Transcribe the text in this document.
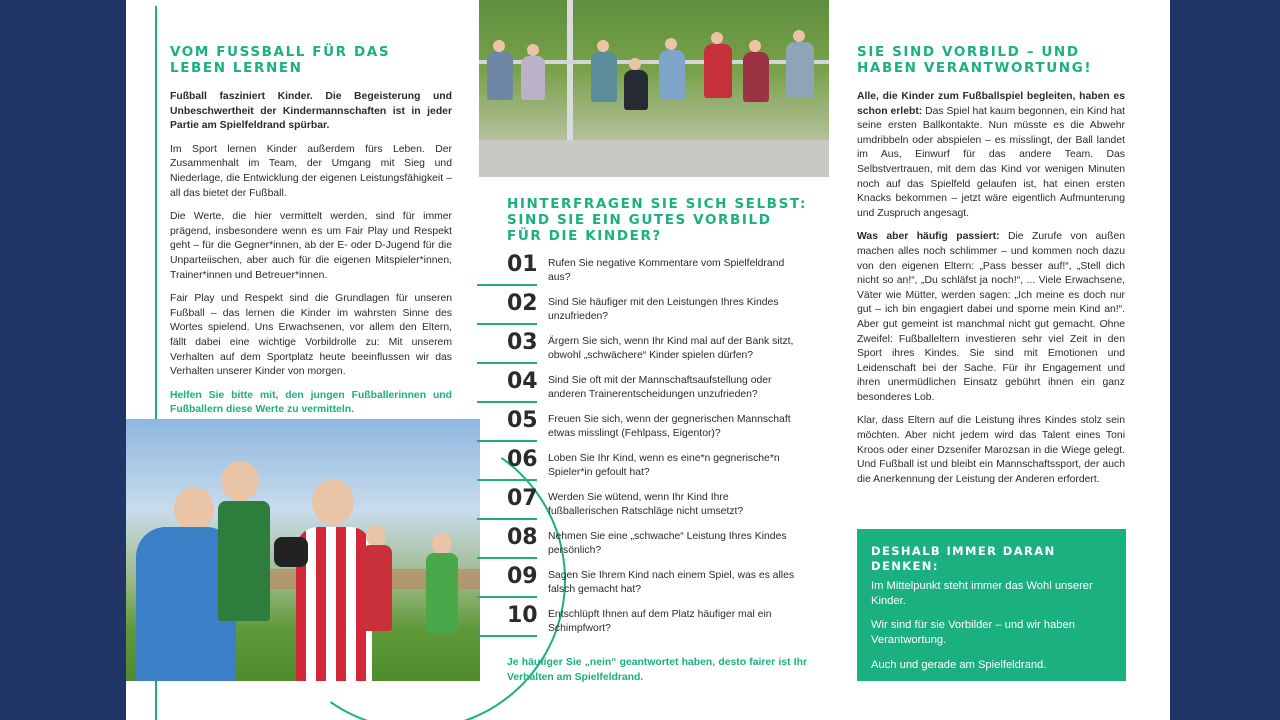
VOM FUSSBALL FÜR DAS LEBEN LERNEN

Fußball fasziniert Kinder. Die Begeisterung und Unbeschwertheit der Kindermannschaften ist in jeder Partie am Spielfeldrand spürbar.

Im Sport lernen Kinder außerdem fürs Leben. Der Zusammenhalt im Team, der Umgang mit Sieg und Niederlage, die Entwicklung der eigenen Leistungsfähigkeit – all das bietet der Fußball.

Die Werte, die hier vermittelt werden, sind für immer prägend, insbesondere wenn es um Fair Play und Respekt geht – für die Gegner*innen, ab der E- oder D-Jugend für die Unparteiischen, aber auch für die eigenen Mitspieler*innen, Trainer*innen und Betreuer*innen.

Fair Play und Respekt sind die Grundlagen für unseren Fußball – das lernen die Kinder im wahrsten Sinne des Wortes spielend. Uns Erwachsenen, vor allem den Eltern, fällt dabei eine wichtige Vorbildrolle zu: Mit unserem Verhalten auf dem Sportplatz heute beeinflussen wir das Verhalten unserer Kinder von morgen.

Helfen Sie bitte mit, den jungen Fußballerinnen und Fußballern diese Werte zu vermitteln.

HINTERFRAGEN SIE SICH SELBST: SIND SIE EIN GUTES VORBILD FÜR DIE KINDER?
01 Rufen Sie negative Kommentare vom Spielfeldrand aus?
02 Sind Sie häufiger mit den Leistungen Ihres Kindes unzufrieden?
03 Ärgern Sie sich, wenn Ihr Kind mal auf der Bank sitzt, obwohl „schwächere“ Kinder spielen dürfen?
04 Sind Sie oft mit der Mannschaftsaufstellung oder anderen Trainerentscheidungen unzufrieden?
05 Freuen Sie sich, wenn der gegnerischen Mannschaft etwas misslingt (Fehlpass, Eigentor)?
06 Loben Sie Ihr Kind, wenn es eine*n gegnerische*n Spieler*in gefoult hat?
07 Werden Sie wütend, wenn Ihr Kind Ihre fußballerischen Ratschläge nicht umsetzt?
08 Nehmen Sie eine „schwache“ Leistung Ihres Kindes persönlich?
09 Sagen Sie Ihrem Kind nach einem Spiel, was es alles falsch gemacht hat?
10 Entschlüpft Ihnen auf dem Platz häufiger mal ein Schimpfwort?

Je häufiger Sie „nein“ geantwortet haben, desto fairer ist Ihr Verhalten am Spielfeldrand.

SIE SIND VORBILD – UND HABEN VERANTWORTUNG!

Alle, die Kinder zum Fußballspiel begleiten, haben es schon erlebt: Das Spiel hat kaum begonnen, ein Kind hat seine ersten Ballkontakte. Nun müsste es die Abwehr umdribbeln oder abspielen – es misslingt, der Ball landet im Aus, Einwurf für das andere Team. Das Selbstvertrauen, mit dem das Kind vor wenigen Minuten noch auf das Spielfeld gelaufen ist, hat einen ersten Knacks bekommen – jetzt wäre eigentlich Aufmunterung und Zuspruch angesagt.

Was aber häufig passiert: Die Zurufe von außen machen alles noch schlimmer – und kommen noch dazu von den eigenen Eltern: „Pass besser auf!“, „Stell dich nicht so an!“, „Du schläfst ja noch!“, ... Viele Erwachsene, Väter wie Mütter, werden sagen: „Ich meine es doch nur gut – ich bin engagiert dabei und sporne mein Kind an!“. Aber gut gemeint ist manchmal nicht gut gemacht. Ohne Zweifel: Fußballeltern investieren sehr viel Zeit in den Sport ihres Kindes. Sie sind mit Emotionen und Leidenschaft bei der Sache. Für ihr Engagement und ihren unermüdlichen Einsatz gebührt ihnen ein ganz besonderes Lob.

Klar, dass Eltern auf die Leistung ihres Kindes stolz sein möchten. Aber nicht jedem wird das Talent eines Toni Kroos oder einer Dzsenifer Marozsan in die Wiege gelegt. Und Fußball ist und bleibt ein Mannschaftssport, der auch die Anerkennung der Leistung der Anderen erfordert.

DESHALB IMMER DARAN DENKEN:

Im Mittelpunkt steht immer das Wohl unserer Kinder.

Wir sind für sie Vorbilder – und wir haben Verantwortung.

Auch und gerade am Spielfeldrand.
